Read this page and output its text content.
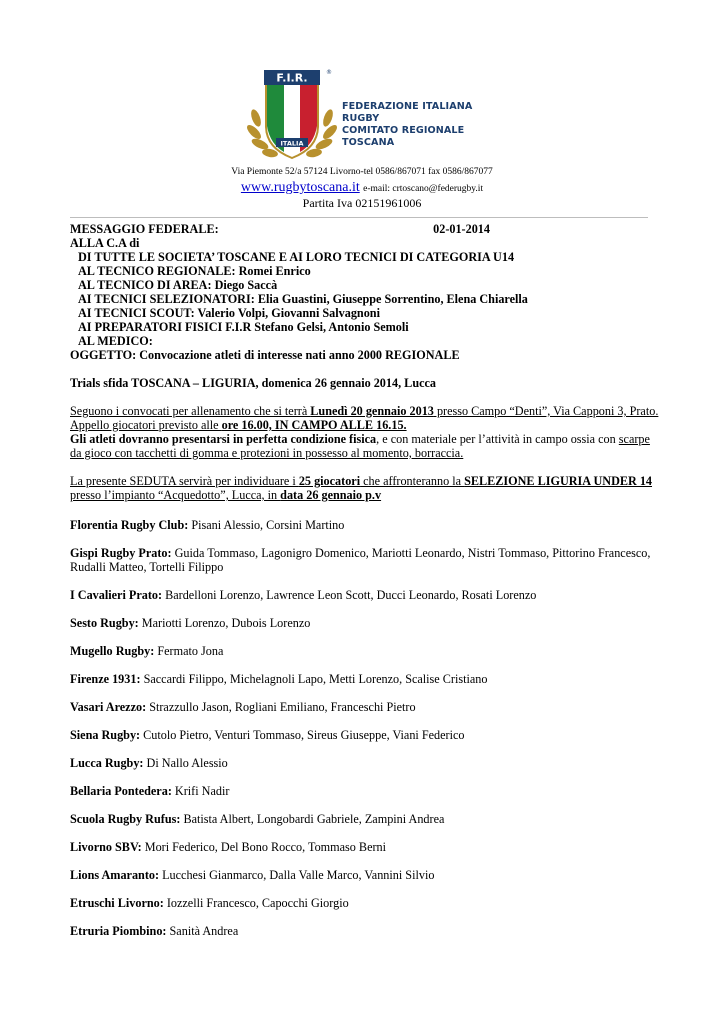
F.I.R.
ITALIA
®
FEDERAZIONE ITALIANA RUGBY
COMITATO REGIONALE TOSCANA
Via Piemonte 52/a 57124 Livorno-tel 0586/867071 fax 0586/867077
www.rugbytoscana.it e-mail: crtoscano@federugby.it
Partita Iva 02151961006
MESSAGGIO FEDERALE:	02-01-2014
ALLA C.A di
DI TUTTE LE SOCIETA’ TOSCANE E AI LORO TECNICI DI CATEGORIA U14
AL TECNICO REGIONALE: Romei Enrico
AL TECNICO DI AREA: Diego Saccà
AI TECNICI SELEZIONATORI: Elia Guastini, Giuseppe Sorrentino, Elena Chiarella
AI TECNICI SCOUT: Valerio Volpi, Giovanni Salvagnoni
AI PREPARATORI FISICI F.I.R Stefano Gelsi, Antonio Semoli
AL MEDICO:
OGGETTO: Convocazione atleti di interesse nati anno 2000 REGIONALE
Trials sfida TOSCANA – LIGURIA, domenica 26 gennaio 2014, Lucca
Seguono i convocati per allenamento che si terrà Lunedì 20 gennaio 2013 presso Campo “Denti”, Via Capponi 3, Prato. Appello giocatori previsto alle ore 16.00, IN CAMPO ALLE 16.15.
Gli atleti dovranno presentarsi in perfetta condizione fisica, e con materiale per l’attività in campo ossia con scarpe da gioco con tacchetti di gomma e protezioni in possesso al momento, borraccia.
La presente SEDUTA servirà per individuare i 25 giocatori che affronteranno la SELEZIONE LIGURIA UNDER 14
presso l’impianto “Acquedotto”, Lucca, in data 26 gennaio p.v
Florentia Rugby Club: Pisani Alessio, Corsini Martino
Gispi Rugby Prato: Guida Tommaso, Lagonigro Domenico, Mariotti Leonardo, Nistri Tommaso, Pittorino Francesco, Rudalli Matteo, Tortelli Filippo
I Cavalieri Prato: Bardelloni Lorenzo, Lawrence Leon Scott, Ducci Leonardo, Rosati Lorenzo
Sesto Rugby: Mariotti Lorenzo, Dubois Lorenzo
Mugello Rugby: Fermato Jona
Firenze 1931: Saccardi Filippo, Michelagnoli Lapo, Metti Lorenzo, Scalise Cristiano
Vasari Arezzo: Strazzullo Jason, Rogliani Emiliano, Franceschi Pietro
Siena Rugby: Cutolo Pietro, Venturi Tommaso, Sireus Giuseppe, Viani Federico
Lucca Rugby: Di Nallo Alessio
Bellaria Pontedera: Krifi Nadir
Scuola Rugby Rufus: Batista Albert, Longobardi Gabriele, Zampini Andrea
Livorno SBV: Mori Federico, Del Bono Rocco, Tommaso Berni
Lions Amaranto: Lucchesi Gianmarco, Dalla Valle Marco, Vannini Silvio
Etruschi Livorno: Iozzelli Francesco, Capocchi Giorgio
Etruria Piombino: Sanità Andrea
